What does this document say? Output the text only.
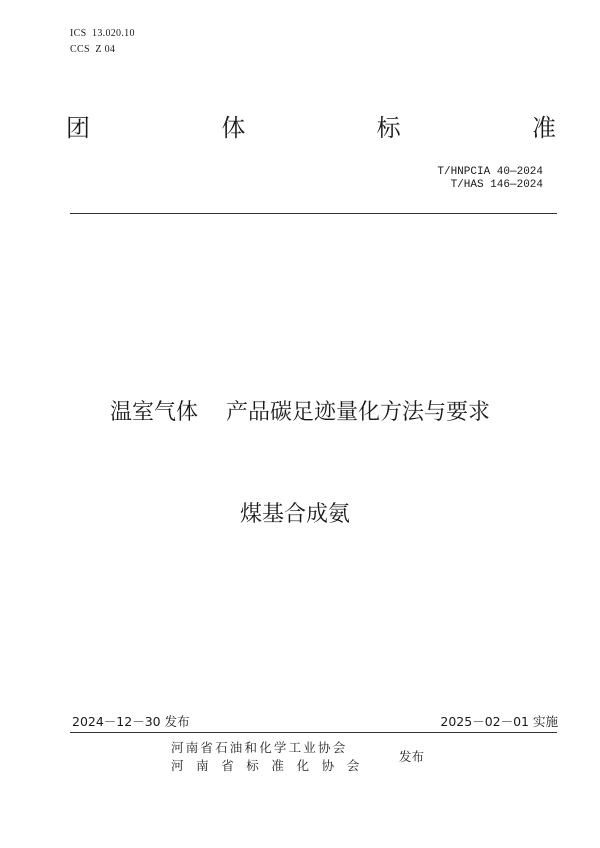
ICS  13.020.10
CCS  Z 04
团	体	标	准
T/HNPCIA 40—2024
T/HAS 146—2024

温室气体    产品碳足迹量化方法与要求

煤基合成氨

2024－12－30 发布	2025－02－01 实施
河南省石油和化学工业协会
河南省标准化协会
发布
